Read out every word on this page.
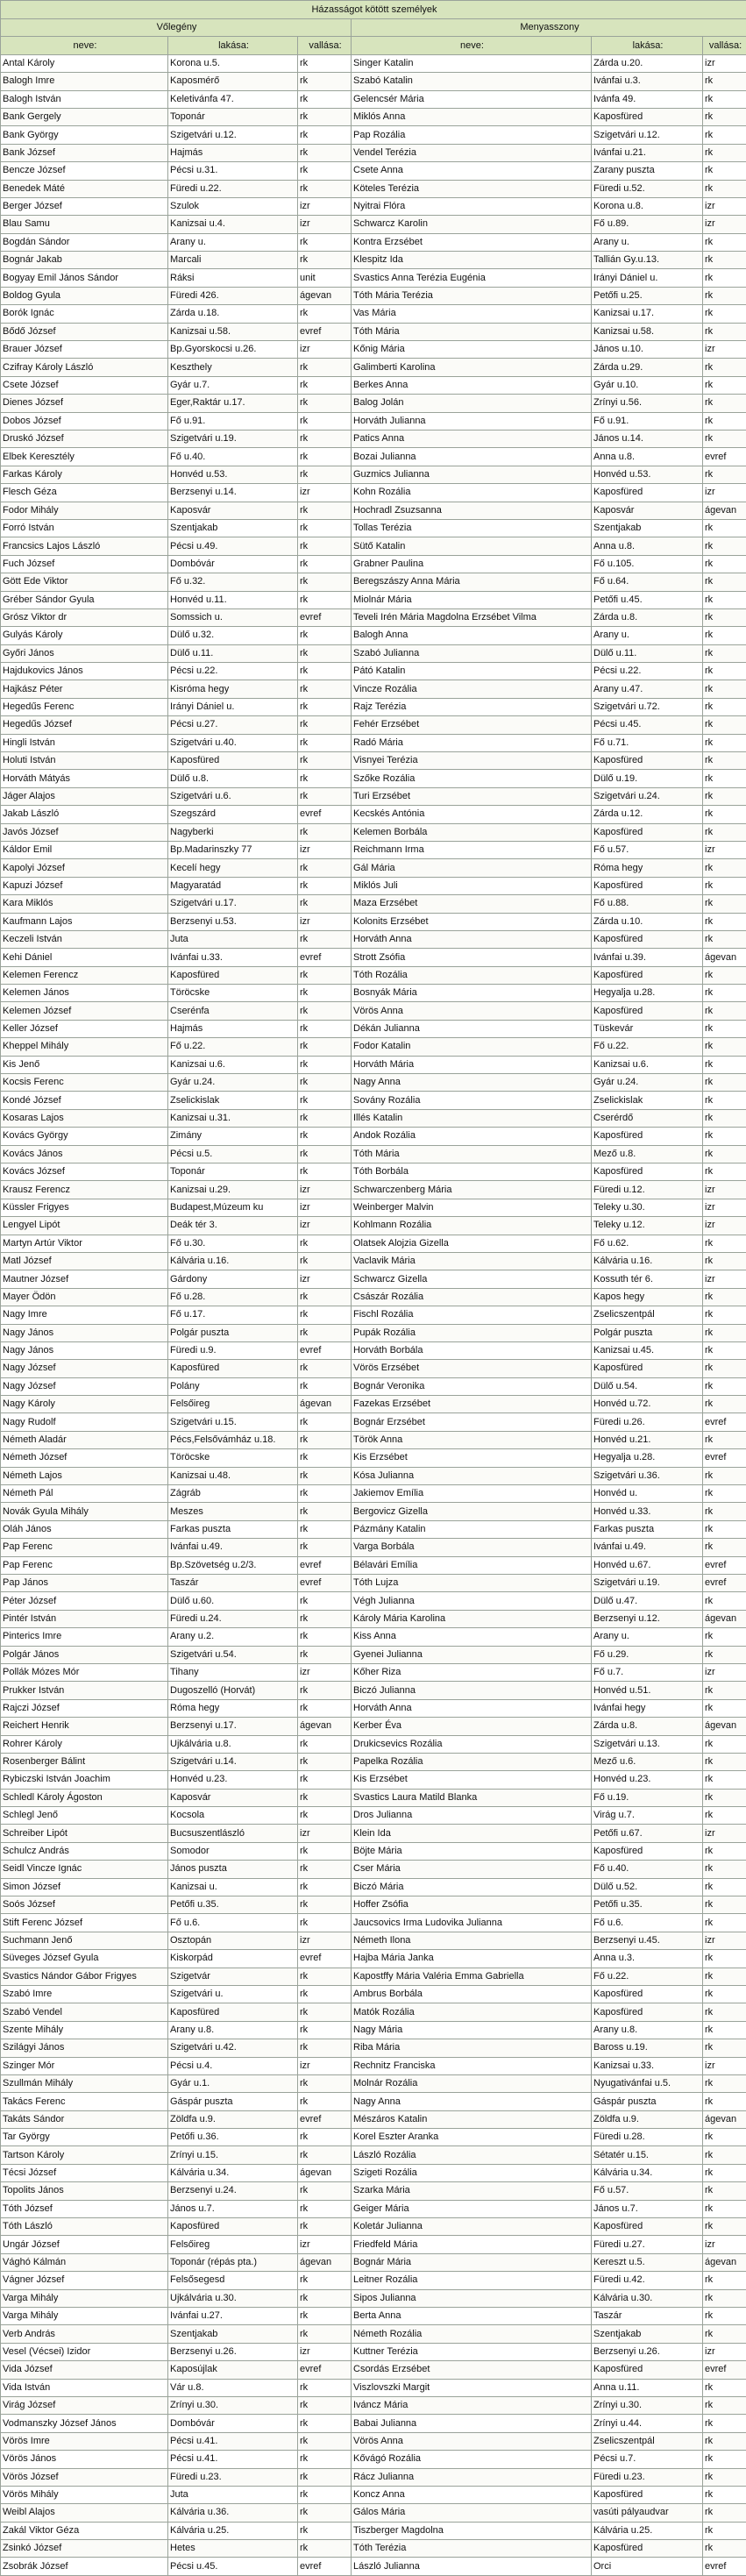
Házasságot kötött személyek					
Vőlegény			Menyasszony		
neve:	lakása:	vallása:	neve:	lakása:	vallása:
Antal Károly	Korona u.5.	rk	Singer Katalin	Zárda u.20.	izr
Balogh Imre	Kaposmérő	rk	Szabó Katalin	Ivánfai u.3.	rk
Balogh István	Keletivánfa 47.	rk	Gelencsér Mária	Ivánfa 49.	rk
Bank Gergely	Toponár	rk	Miklós Anna	Kaposfüred	rk
Bank György	Szigetvári u.12.	rk	Pap Rozália	Szigetvári u.12.	rk
Bank József	Hajmás	rk	Vendel Terézia	Ivánfai u.21.	rk
Bencze József	Pécsi u.31.	rk	Csete Anna	Zarany puszta	rk
Benedek Máté	Füredi u.22.	rk	Köteles Terézia	Füredi u.52.	rk
Berger József	Szulok	izr	Nyitrai Flóra	Korona u.8.	izr
Blau Samu	Kanizsai u.4.	izr	Schwarcz Karolin	Fő u.89.	izr
Bogdán Sándor	Arany u.	rk	Kontra Erzsébet	Arany u.	rk
Bognár Jakab	Marcali	rk	Klespitz Ida	Tallián Gy.u.13.	rk
Bogyay Emil János Sándor	Ráksi	unit	Svastics Anna Terézia Eugénia	Irányi Dániel u.	rk
Boldog Gyula	Füredi 426.	ágevan	Tóth Mária Terézia	Petőfi u.25.	rk
Borók Ignác	Zárda u.18.	rk	Vas Mária	Kanizsai u.17.	rk
Bődő József	Kanizsai u.58.	evref	Tóth Mária	Kanizsai u.58.	rk
Brauer József	Bp.Gyorskocsi u.26.	izr	Kőnig Mária	János u.10.	izr
Czifray Károly László	Keszthely	rk	Galimberti Karolina	Zárda u.29.	rk
Csete József	Gyár u.7.	rk	Berkes Anna	Gyár u.10.	rk
Dienes József	Eger,Raktár u.17.	rk	Balog Jolán	Zrínyi u.56.	rk
Dobos József	Fő u.91.	rk	Horváth Julianna	Fő u.91.	rk
Druskó József	Szigetvári u.19.	rk	Patics Anna	János u.14.	rk
Elbek Keresztély	Fő u.40.	rk	Bozai Julianna	Anna u.8.	evref
Farkas Károly	Honvéd u.53.	rk	Guzmics Julianna	Honvéd u.53.	rk
Flesch Géza	Berzsenyi u.14.	izr	Kohn Rozália	Kaposfüred	izr
Fodor Mihály	Kaposvár	rk	Hochradl Zsuzsanna	Kaposvár	ágevan
Forró István	Szentjakab	rk	Tollas Terézia	Szentjakab	rk
Francsics Lajos László	Pécsi u.49.	rk	Sütő Katalin	Anna u.8.	rk
Fuch József	Dombóvár	rk	Grabner Paulina	Fő u.105.	rk
Gött Ede Viktor	Fő u.32.	rk	Beregszászy Anna Mária	Fő u.64.	rk
Gréber Sándor Gyula	Honvéd u.11.	rk	Miolnár Mária	Petőfi u.45.	rk
Grósz Viktor dr	Somssich u.	evref	Teveli Irén Mária Magdolna Erzsébet Vilma	Zárda u.8.	rk
Gulyás Károly	Dülő u.32.	rk	Balogh Anna	Arany u.	rk
Győri János	Dülő u.11.	rk	Szabó Julianna	Dülő u.11.	rk
Hajdukovics János	Pécsi u.22.	rk	Pátó Katalin	Pécsi u.22.	rk
Hajkász Péter	Kisróma hegy	rk	Vincze Rozália	Arany u.47.	rk
Hegedűs Ferenc	Irányi Dániel u.	rk	Rajz Terézia	Szigetvári u.72.	rk
Hegedűs József	Pécsi u.27.	rk	Fehér Erzsébet	Pécsi u.45.	rk
Hingli István	Szigetvári u.40.	rk	Radó Mária	Fő u.71.	rk
Holuti István	Kaposfüred	rk	Visnyei Terézia	Kaposfüred	rk
Horváth Mátyás	Dülő u.8.	rk	Szőke Rozália	Dülő u.19.	rk
Jáger Alajos	Szigetvári u.6.	rk	Turi Erzsébet	Szigetvári u.24.	rk
Jakab László	Szegszárd	evref	Kecskés Antónia	Zárda u.12.	rk
Javós József	Nagyberki	rk	Kelemen Borbála	Kaposfüred	rk
Káldor Emil	Bp.Madarinszky 77	izr	Reichmann Irma	Fő u.57.	izr
Kapolyi József	Kecelí hegy	rk	Gál Mária	Róma hegy	rk
Kapuzi József	Magyaratád	rk	Miklós Juli	Kaposfüred	rk
Kara Miklós	Szigetvári u.17.	rk	Maza Erzsébet	Fő u.88.	rk
Kaufmann Lajos	Berzsenyi u.53.	izr	Kolonits Erzsébet	Zárda u.10.	rk
Keczeli István	Juta	rk	Horváth Anna	Kaposfüred	rk
Kehi Dániel	Ivánfai u.33.	evref	Strott Zsófia	Ivánfai u.39.	ágevan
Kelemen Ferencz	Kaposfüred	rk	Tóth Rozália	Kaposfüred	rk
Kelemen János	Töröcske	rk	Bosnyák Mária	Hegyalja u.28.	rk
Kelemen József	Cserénfa	rk	Vörös Anna	Kaposfüred	rk
Keller József	Hajmás	rk	Dékán Julianna	Tüskevár	rk
Kheppel Mihály	Fő u.22.	rk	Fodor Katalin	Fő u.22.	rk
Kis Jenő	Kanizsai u.6.	rk	Horváth Mária	Kanizsai u.6.	rk
Kocsis Ferenc	Gyár u.24.	rk	Nagy Anna	Gyár u.24.	rk
Kondé József	Zselickislak	rk	Sovány Rozália	Zselickislak	rk
Kosaras Lajos	Kanizsai u.31.	rk	Illés Katalin	Cserérdő	rk
Kovács György	Zimány	rk	Andok Rozália	Kaposfüred	rk
Kovács János	Pécsi u.5.	rk	Tóth Mária	Mező u.8.	rk
Kovács József	Toponár	rk	Tóth Borbála	Kaposfüred	rk
Krausz Ferencz	Kanizsai u.29.	izr	Schwarczenberg Mária	Füredi u.12.	izr
Küssler Frigyes	Budapest,Múzeum ku	izr	Weinberger Malvin	Teleky u.30.	izr
Lengyel Lipót	Deák tér 3.	izr	Kohlmann Rozália	Teleky u.12.	izr
Martyn Artúr Viktor	Fő u.30.	rk	Olatsek Alojzia Gizella	Fő u.62.	rk
Matl József	Kálvária u.16.	rk	Vaclavik Mária	Kálvária u.16.	rk
Mautner József	Gárdony	izr	Schwarcz Gizella	Kossuth tér 6.	izr
Mayer Ödön	Fő u.28.	rk	Császár Rozália	Kapos hegy	rk
Nagy Imre	Fő u.17.	rk	Fischl Rozália	Zselicszentpál	rk
Nagy János	Polgár puszta	rk	Pupák Rozália	Polgár puszta	rk
Nagy János	Füredi u.9.	evref	Horváth Borbála	Kanizsai u.45.	rk
Nagy József	Kaposfüred	rk	Vörös Erzsébet	Kaposfüred	rk
Nagy József	Polány	rk	Bognár Veronika	Dülő u.54.	rk
Nagy Károly	Felsőireg	ágevan	Fazekas Erzsébet	Honvéd u.72.	rk
Nagy Rudolf	Szigetvári u.15.	rk	Bognár Erzsébet	Füredi u.26.	evref
Németh Aladár	Pécs,Felsővámház u.18.	rk	Török Anna	Honvéd u.21.	rk
Németh József	Töröcske	rk	Kis Erzsébet	Hegyalja u.28.	evref
Németh Lajos	Kanizsai u.48.	rk	Kósa Julianna	Szigetvári u.36.	rk
Németh Pál	Zágráb	rk	Jakiemov Emília	Honvéd u.	rk
Novák Gyula Mihály	Meszes	rk	Bergovicz Gizella	Honvéd u.33.	rk
Oláh János	Farkas puszta	rk	Pázmány Katalin	Farkas puszta	rk
Pap Ferenc	Ivánfai u.49.	rk	Varga Borbála	Ivánfai u.49.	rk
Pap Ferenc	Bp.Szövetség u.2/3.	evref	Bélavári Emília	Honvéd u.67.	evref
Pap János	Taszár	evref	Tóth Lujza	Szigetvári u.19.	evref
Péter József	Dülő u.60.	rk	Végh Julianna	Dülő u.47.	rk
Pintér István	Füredi u.24.	rk	Károly Mária Karolina	Berzsenyi u.12.	ágevan
Pinterics Imre	Arany u.2.	rk	Kiss Anna	Arany u.	rk
Polgár János	Szigetvári u.54.	rk	Gyenei Julianna	Fő u.29.	rk
Pollák Mózes Mór	Tihany	izr	Kőher Riza	Fő u.7.	izr
Prukker István	Dugoszelló (Horvát)	rk	Biczó Julianna	Honvéd u.51.	rk
Rajczi József	Róma hegy	rk	Horváth Anna	Ivánfai hegy	rk
Reichert Henrik	Berzsenyi u.17.	ágevan	Kerber Éva	Zárda u.8.	ágevan
Rohrer Károly	Ujkálvária u.8.	rk	Drukicsevics Rozália	Szigetvári u.13.	rk
Rosenberger Bálint	Szigetvári u.14.	rk	Papelka Rozália	Mező u.6.	rk
Rybiczski István Joachim	Honvéd u.23.	rk	Kis Erzsébet	Honvéd u.23.	rk
Schledl Károly Ágoston	Kaposvár	rk	Svastics Laura Matild Blanka	Fő u.19.	rk
Schlegl Jenő	Kocsola	rk	Dros Julianna	Virág u.7.	rk
Schreiber Lipót	Bucsuszentlászló	izr	Klein Ida	Petőfi u.67.	izr
Schulcz András	Somodor	rk	Böjte Mária	Kaposfüred	rk
Seidl Vincze Ignác	János puszta	rk	Cser Mária	Fő u.40.	rk
Simon József	Kanizsai u.	rk	Biczó Mária	Dülő u.52.	rk
Soós József	Petőfi u.35.	rk	Hoffer Zsófia	Petőfi u.35.	rk
Stift Ferenc József	Fő u.6.	rk	Jaucsovics Irma Ludovika Julianna	Fő u.6.	rk
Suchmann Jenő	Osztopán	izr	Németh Ilona	Berzsenyi u.45.	izr
Süveges József Gyula	Kiskorpád	evref	Hajba Mária Janka	Anna u.3.	rk
Svastics Nándor Gábor Frigyes	Szigetvár	rk	Kapostffy Mária Valéria Emma Gabriella	Fő u.22.	rk
Szabó Imre	Szigetvári u.	rk	Ambrus Borbála	Kaposfüred	rk
Szabó Vendel	Kaposfüred	rk	Matók Rozália	Kaposfüred	rk
Szente Mihály	Arany u.8.	rk	Nagy Mária	Arany u.8.	rk
Szilágyi János	Szigetvári u.42.	rk	Riba Mária	Baross u.19.	rk
Szinger Mór	Pécsi u.4.	izr	Rechnitz Franciska	Kanizsai u.33.	izr
Szullmán Mihály	Gyár u.1.	rk	Molnár Rozália	Nyugativánfai u.5.	rk
Takács Ferenc	Gáspár puszta	rk	Nagy Anna	Gáspár puszta	rk
Takáts Sándor	Zöldfa u.9.	evref	Mészáros Katalin	Zöldfa u.9.	ágevan
Tar György	Petőfi u.36.	rk	Korel Eszter Aranka	Füredi u.28.	rk
Tartson Károly	Zrínyi u.15.	rk	László Rozália	Sétatér u.15.	rk
Técsi József	Kálvária u.34.	ágevan	Szigeti Rozália	Kálvária u.34.	rk
Topolits János	Berzsenyi u.24.	rk	Szarka Mária	Fő u.57.	rk
Tóth József	János u.7.	rk	Geiger Mária	János u.7.	rk
Tóth László	Kaposfüred	rk	Koletár Julianna	Kaposfüred	rk
Ungár József	Felsőireg	izr	Friedfeld Mária	Füredi u.27.	izr
Vághó Kálmán	Toponár (répás pta.)	ágevan	Bognár Mária	Kereszt u.5.	ágevan
Vágner József	Felsősegesd	rk	Leitner Rozália	Füredi u.42.	rk
Varga Mihály	Ujkálvária u.30.	rk	Sipos Julianna	Kálvária u.30.	rk
Varga Mihály	Ivánfai u.27.	rk	Berta Anna	Taszár	rk
Verb András	Szentjakab	rk	Németh Rozália	Szentjakab	rk
Vesel (Vécsei) Izidor	Berzsenyi u.26.	izr	Kuttner Terézia	Berzsenyi u.26.	izr
Vida József	Kaposújlak	evref	Csordás Erzsébet	Kaposfüred	evref
Vida István	Vár u.8.	rk	Viszlovszki Margit	Anna u.11.	rk
Virág József	Zrínyi u.30.	rk	Iváncz Mária	Zrínyi u.30.	rk
Vodmanszky József János	Dombóvár	rk	Babai Julianna	Zrínyi u.44.	rk
Vörös Imre	Pécsi u.41.	rk	Vörös Anna	Zselicszentpál	rk
Vörös János	Pécsi u.41.	rk	Kővágó Rozália	Pécsi u.7.	rk
Vörös József	Füredi u.23.	rk	Rácz Julianna	Füredi u.23.	rk
Vörös Mihály	Juta	rk	Koncz Anna	Kaposfüred	rk
Weibl Alajos	Kálvária u.36.	rk	Gálos Mária	vasúti pályaudvar	rk
Zakál Viktor Géza	Kálvária u.25.	rk	Tiszberger Magdolna	Kálvária u.25.	rk
Zsinkó József	Hetes	rk	Tóth Terézia	Kaposfüred	rk
Zsobrák József	Pécsi u.45.	evref	László Julianna	Orci	evref
